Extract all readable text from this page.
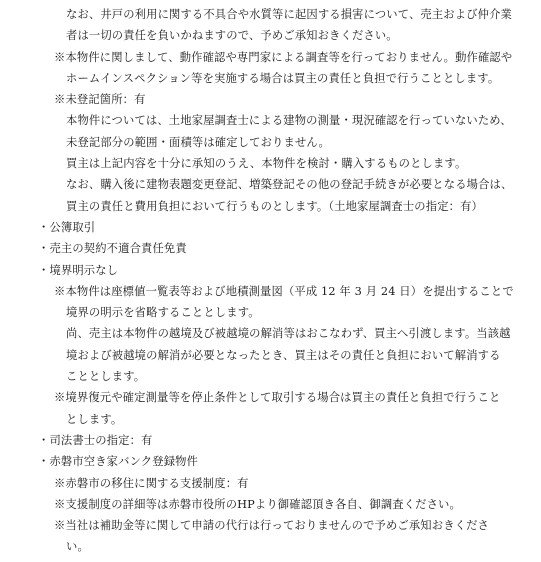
なお、井戸の利用に関する不具合や水質等に起因する損害について、売主および仲介業
者は一切の責任を負いかねますので、予めご承知おきください。
※本物件に関しまして、動作確認や専門家による調査等を行っておりません。動作確認や
ホームインスペクション等を実施する場合は買主の責任と負担で行うこととします。
※未登記箇所：有
本物件については、土地家屋調査士による建物の測量・現況確認を行っていないため、
未登記部分の範囲・面積等は確定しておりません。
買主は上記内容を十分に承知のうえ、本物件を検討・購入するものとします。
なお、購入後に建物表題変更登記、増築登記その他の登記手続きが必要となる場合は、
買主の責任と費用負担において行うものとします。（土地家屋調査士の指定：有）
・公簿取引
・売主の契約不適合責任免責
・境界明示なし
※本物件は座標値一覧表等および地積測量図（平成 12 年 3 月 24 日）を提出することで
境界の明示を省略することとします。
尚、売主は本物件の越境及び被越境の解消等はおこなわず、買主へ引渡します。当該越
境および被越境の解消が必要となったとき、買主はその責任と負担において解消する
こととします。
※境界復元や確定測量等を停止条件として取引する場合は買主の責任と負担で行うこと
とします。
・司法書士の指定：有
・赤磐市空き家バンク登録物件
※赤磐市の移住に関する支援制度：有
※支援制度の詳細等は赤磐市役所のHPより御確認頂き各自、御調査ください。
※当社は補助金等に関して申請の代行は行っておりませんので予めご承知おきくださ
い。
